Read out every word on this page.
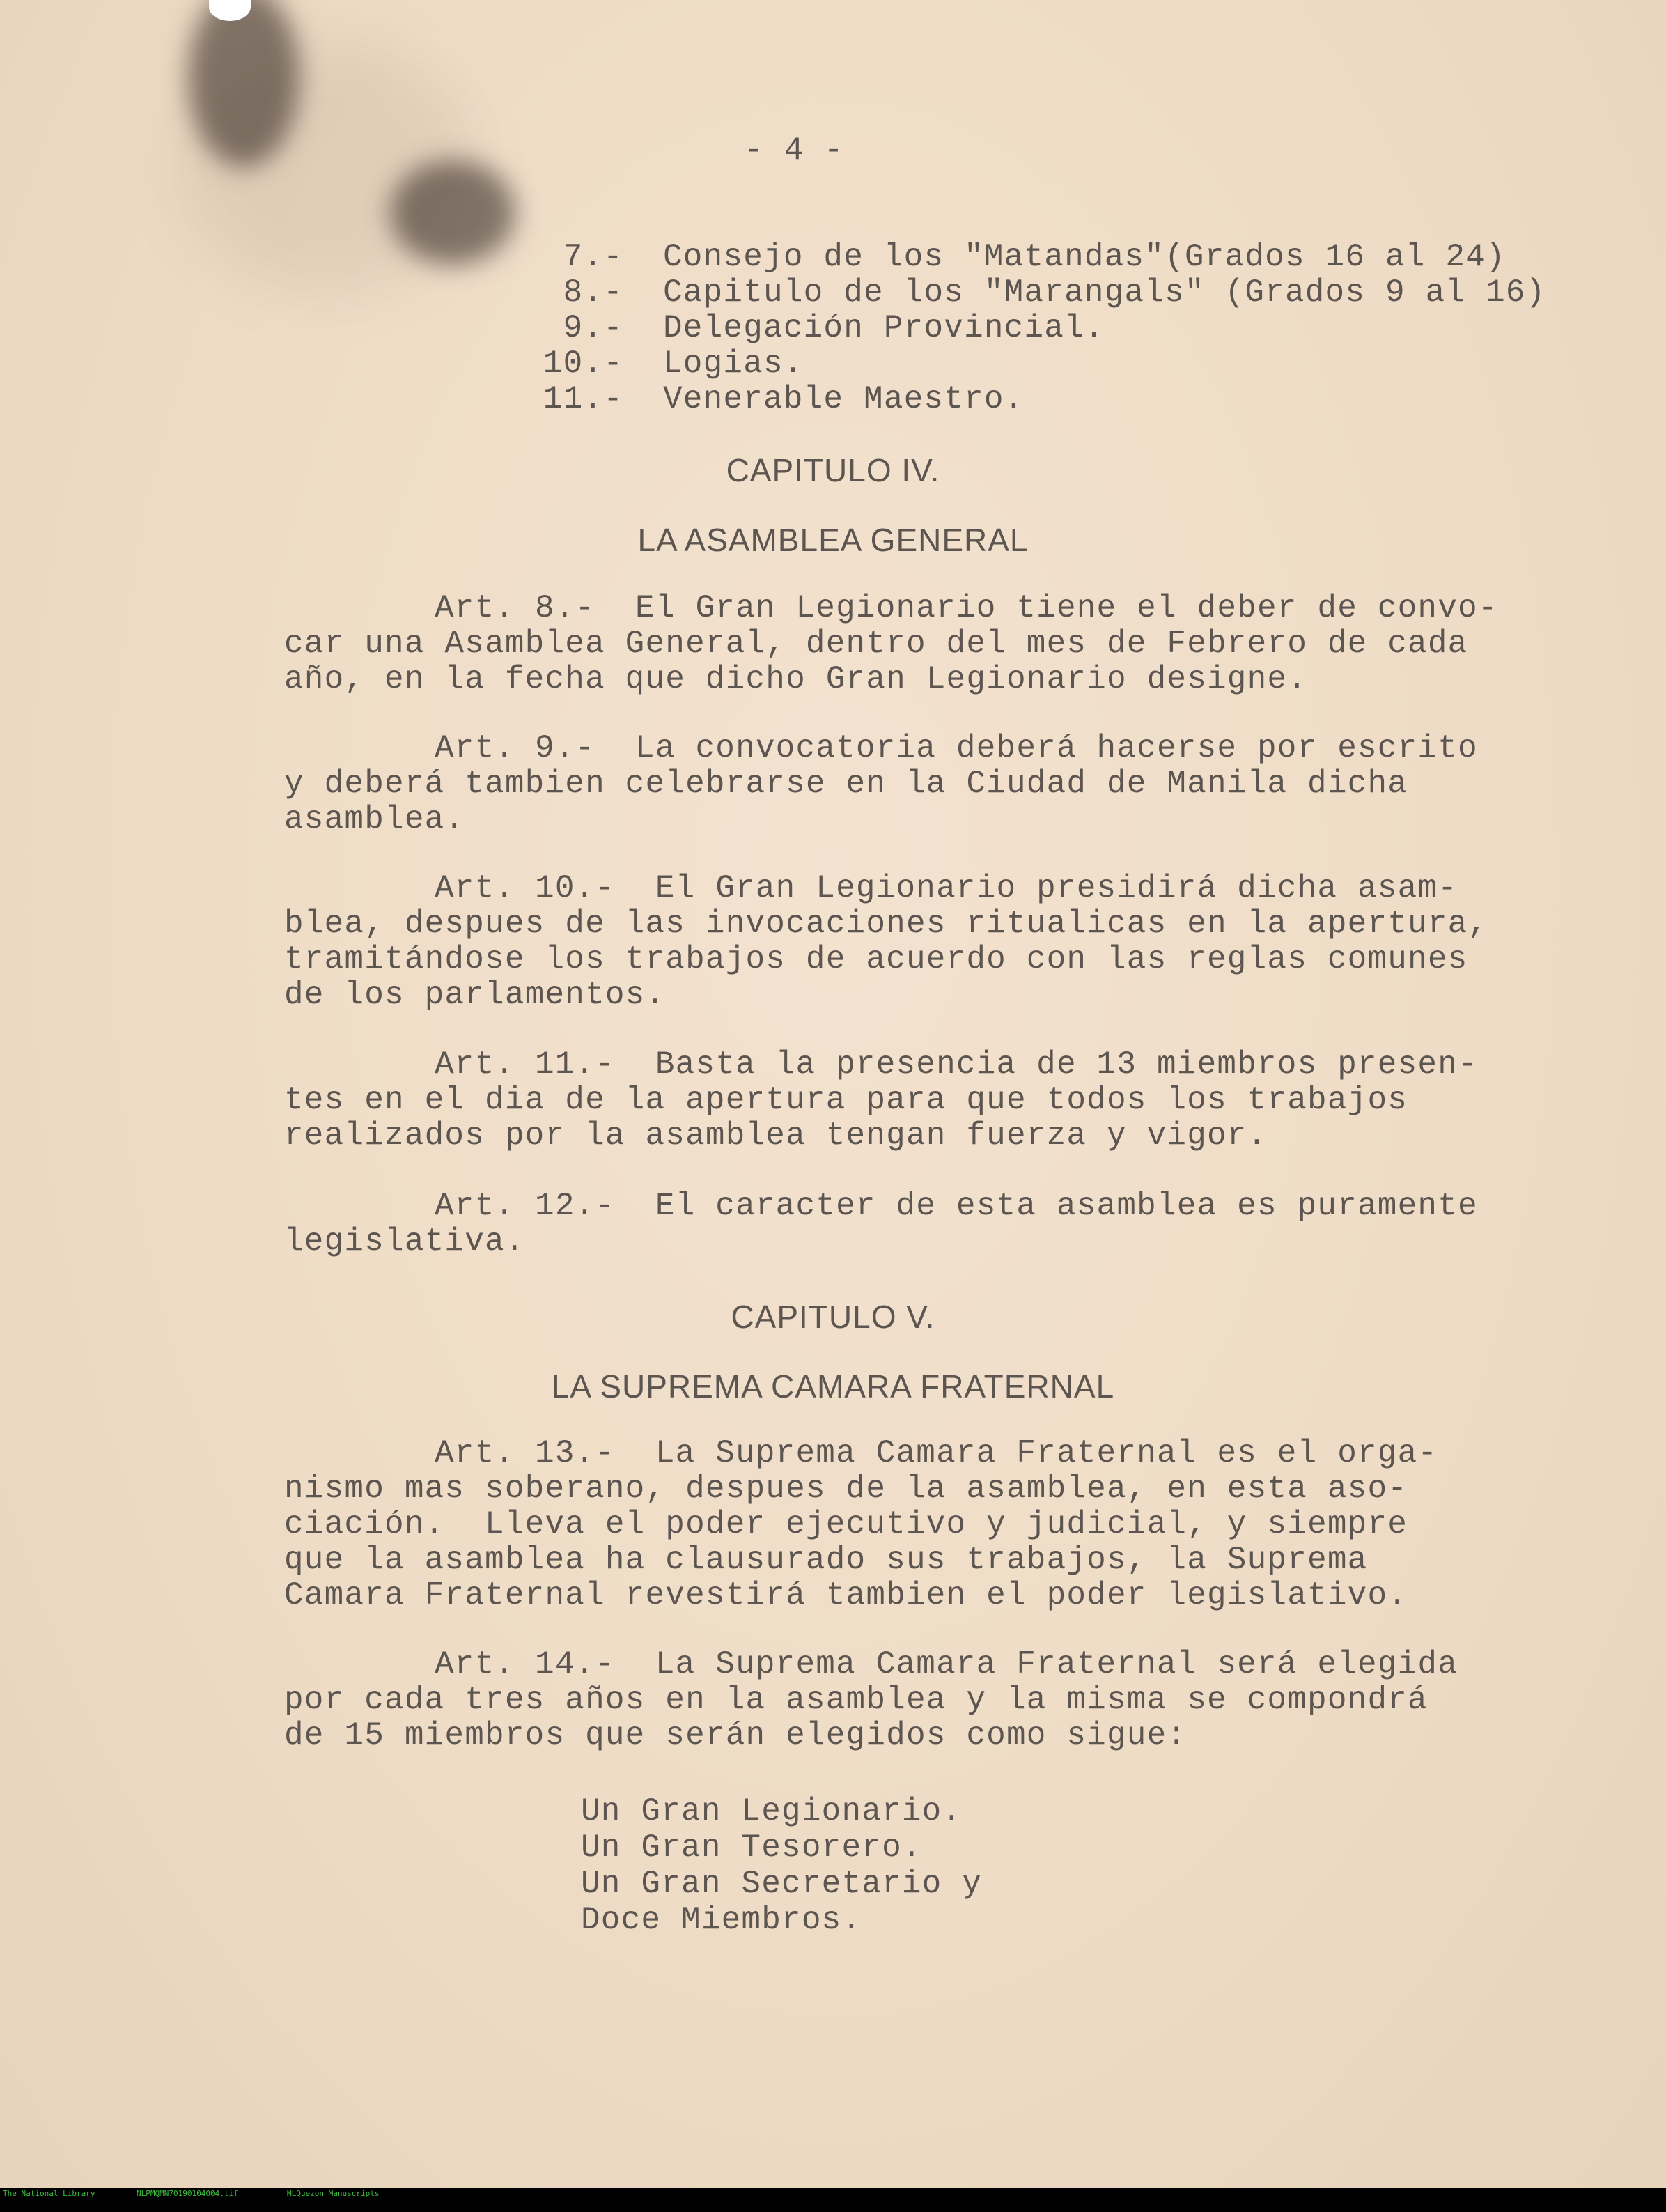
- 4 -
7.- Consejo de los "Matandas"(Grados 16 al 24)
8.- Capitulo de los "Marangals" (Grados 9 al 16)
9.- Delegación Provincial.
10.- Logias.
11.- Venerable Maestro.
CAPITULO IV.
LA ASAMBLEA GENERAL
Art. 8.-  El Gran Legionario tiene el deber de convo-
car una Asamblea General, dentro del mes de Febrero de cada
año, en la fecha que dicho Gran Legionario designe.
Art. 9.-  La convocatoria deberá hacerse por escrito
y deberá tambien celebrarse en la Ciudad de Manila dicha
asamblea.
Art. 10.-  El Gran Legionario presidirá dicha asam-
blea, despues de las invocaciones ritualicas en la apertura,
tramitándose los trabajos de acuerdo con las reglas comunes
de los parlamentos.
Art. 11.-  Basta la presencia de 13 miembros presen-
tes en el dia de la apertura para que todos los trabajos
realizados por la asamblea tengan fuerza y vigor.
Art. 12.-  El caracter de esta asamblea es puramente
legislativa.
CAPITULO V.
LA SUPREMA CAMARA FRATERNAL
Art. 13.-  La Suprema Camara Fraternal es el orga-
nismo mas soberano, despues de la asamblea, en esta aso-
ciación.  Lleva el poder ejecutivo y judicial, y siempre
que la asamblea ha clausurado sus trabajos, la Suprema
Camara Fraternal revestirá tambien el poder legislativo.
Art. 14.-  La Suprema Camara Fraternal será elegida
por cada tres años en la asamblea y la misma se compondrá
de 15 miembros que serán elegidos como sigue:
Un Gran Legionario.
Un Gran Tesorero.
Un Gran Secretario y
Doce Miembros.
The National Library	NLPMQMN70190104004.tif	MLQuezon Manuscripts
